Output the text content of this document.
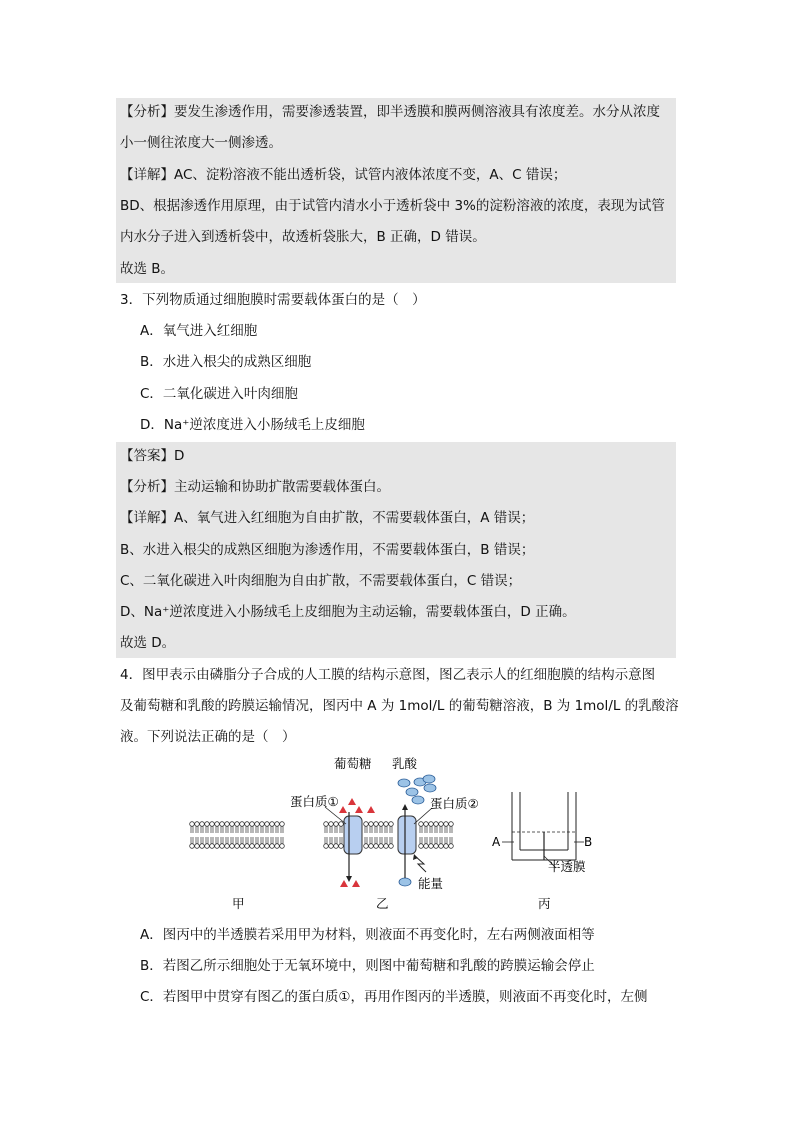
【分析】要发生渗透作用，需要渗透装置，即半透膜和膜两侧溶液具有浓度差。水分从浓度
小一侧往浓度大一侧渗透。
【详解】AC、淀粉溶液不能出透析袋，试管内液体浓度不变，A、C 错误；
BD、根据渗透作用原理，由于试管内清水小于透析袋中 3%的淀粉溶液的浓度，表现为试管
内水分子进入到透析袋中，故透析袋胀大，B 正确，D 错误。
故选 B。
3．下列物质通过细胞膜时需要载体蛋白的是（　）
A．氧气进入红细胞
B．水进入根尖的成熟区细胞
C．二氧化碳进入叶肉细胞
D．Na⁺逆浓度进入小肠绒毛上皮细胞
【答案】D
【分析】主动运输和协助扩散需要载体蛋白。
【详解】A、氧气进入红细胞为自由扩散，不需要载体蛋白，A 错误；
B、水进入根尖的成熟区细胞为渗透作用，不需要载体蛋白，B 错误；
C、二氧化碳进入叶肉细胞为自由扩散，不需要载体蛋白，C 错误；
D、Na⁺逆浓度进入小肠绒毛上皮细胞为主动运输，需要载体蛋白，D 正确。
故选 D。
4．图甲表示由磷脂分子合成的人工膜的结构示意图，图乙表示人的红细胞膜的结构示意图
及葡萄糖和乳酸的跨膜运输情况，图丙中 A 为 1mol/L 的葡萄糖溶液，B 为 1mol/L 的乳酸溶
液。下列说法正确的是（　）
葡萄糖 乳酸
蛋白质①	蛋白质②
能量
A	B
半透膜
甲	乙	丙
A．图丙中的半透膜若采用甲为材料，则液面不再变化时，左右两侧液面相等
B．若图乙所示细胞处于无氧环境中，则图中葡萄糖和乳酸的跨膜运输会停止
C．若图甲中贯穿有图乙的蛋白质①，再用作图丙的半透膜，则液面不再变化时，左侧
